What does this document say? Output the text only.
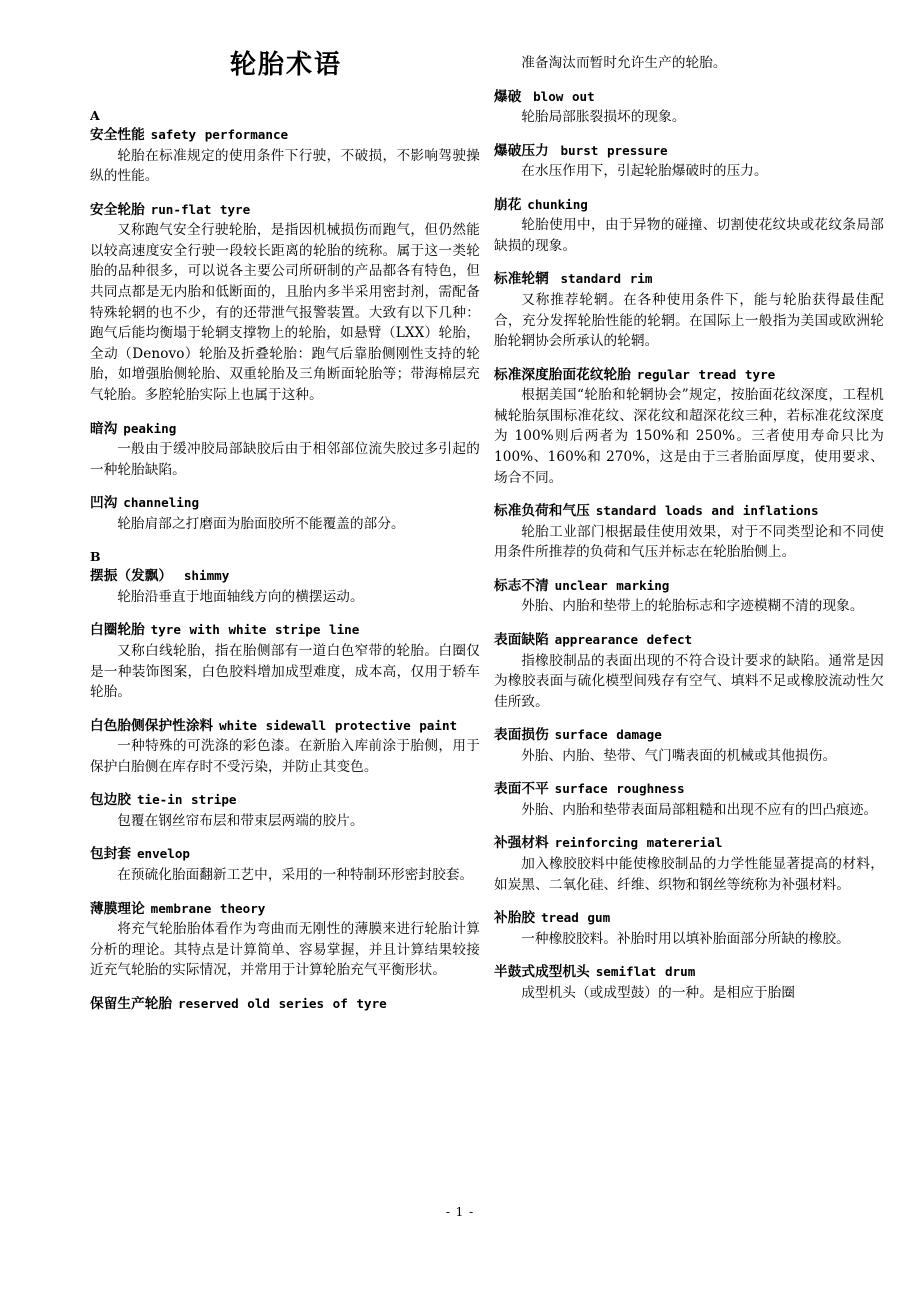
轮胎术语
A

安全性能 safety performance

轮胎在标准规定的使用条件下行驶，不破损，不影响驾驶操纵的性能。

安全轮胎 run-flat tyre

又称跑气安全行驶轮胎，是指因机械损伤而跑气，但仍然能以较高速度安全行驶一段较长距离的轮胎的统称。属于这一类轮胎的品种很多，可以说各主要公司所研制的产品都各有特色，但共同点都是无内胎和低断面的，且胎内多半采用密封剂，需配备特殊轮辋的也不少，有的还带泄气报警装置。大致有以下几种：跑气后能均衡塌于轮辋支撑物上的轮胎，如悬臂（LXX）轮胎，全动（Denovo）轮胎及折叠轮胎：跑气后靠胎侧刚性支持的轮胎，如增强胎侧轮胎、双重轮胎及三角断面轮胎等；带海棉层充气轮胎。多腔轮胎实际上也属于这种。

暗沟 peaking

一般由于缓冲胶局部缺胶后由于相邻部位流失胶过多引起的一种轮胎缺陷。

凹沟 channeling

轮胎肩部之打磨面为胎面胶所不能覆盖的部分。

B

摆振（发飘） shimmy

轮胎沿垂直于地面轴线方向的横摆运动。

白圈轮胎 tyre with white stripe line

又称白线轮胎，指在胎侧部有一道白色窄带的轮胎。白圈仅是一种装饰图案，白色胶料增加成型难度，成本高，仅用于轿车轮胎。

白色胎侧保护性涂料 white sidewall protective paint

一种特殊的可洗涤的彩色漆。在新胎入库前涂于胎侧，用于保护白胎侧在库存时不受污染，并防止其变色。

包边胶 tie-in stripe

包覆在钢丝帘布层和带束层两端的胶片。

包封套 envelop

在预硫化胎面翻新工艺中，采用的一种特制环形密封胶套。

薄膜理论 membrane theory

将充气轮胎胎体看作为弯曲而无刚性的薄膜来进行轮胎计算分析的理论。其特点是计算简单、容易掌握，并且计算结果较接近充气轮胎的实际情况，并常用于计算轮胎充气平衡形状。

保留生产轮胎 reserved old series of tyre

准备淘汰而暂时允许生产的轮胎。

爆破 blow out

轮胎局部胀裂损坏的现象。

爆破压力 burst pressure

在水压作用下，引起轮胎爆破时的压力。

崩花 chunking

轮胎使用中，由于异物的碰撞、切割使花纹块或花纹条局部缺损的现象。

标准轮辋 standard rim

又称推荐轮辋。在各种使用条件下，能与轮胎获得最佳配合，充分发挥轮胎性能的轮辋。在国际上一般指为美国或欧洲轮胎轮辋协会所承认的轮辋。

标准深度胎面花纹轮胎 regular tread tyre

根据美国“轮胎和轮辋协会”规定，按胎面花纹深度，工程机械轮胎氛围标准花纹、深花纹和超深花纹三种，若标准花纹深度为 100%则后两者为 150%和 250%。三者使用寿命只比为 100%、160%和 270%，这是由于三者胎面厚度，使用要求、场合不同。

标准负荷和气压 standard loads and inflations

轮胎工业部门根据最佳使用效果，对于不同类型论和不同使用条件所推荐的负荷和气压并标志在轮胎胎侧上。

标志不清 unclear marking

外胎、内胎和垫带上的轮胎标志和字迹模糊不清的现象。

表面缺陷 apprearance defect

指橡胶制品的表面出现的不符合设计要求的缺陷。通常是因为橡胶表面与硫化模型间残存有空气、填料不足或橡胶流动性欠佳所致。

表面损伤 surface damage

外胎、内胎、垫带、气门嘴表面的机械或其他损伤。

表面不平 surface roughness

外胎、内胎和垫带表面局部粗糙和出现不应有的凹凸痕迹。

补强材料 reinforcing matererial

加入橡胶胶料中能使橡胶制品的力学性能显著提高的材料，如炭黑、二氧化硅、纤维、织物和钢丝等统称为补强材料。

补胎胶 tread gum

一种橡胶胶料。补胎时用以填补胎面部分所缺的橡胶。

半鼓式成型机头 semiflat drum

成型机头（或成型鼓）的一种。是相应于胎圈

- 1 -
